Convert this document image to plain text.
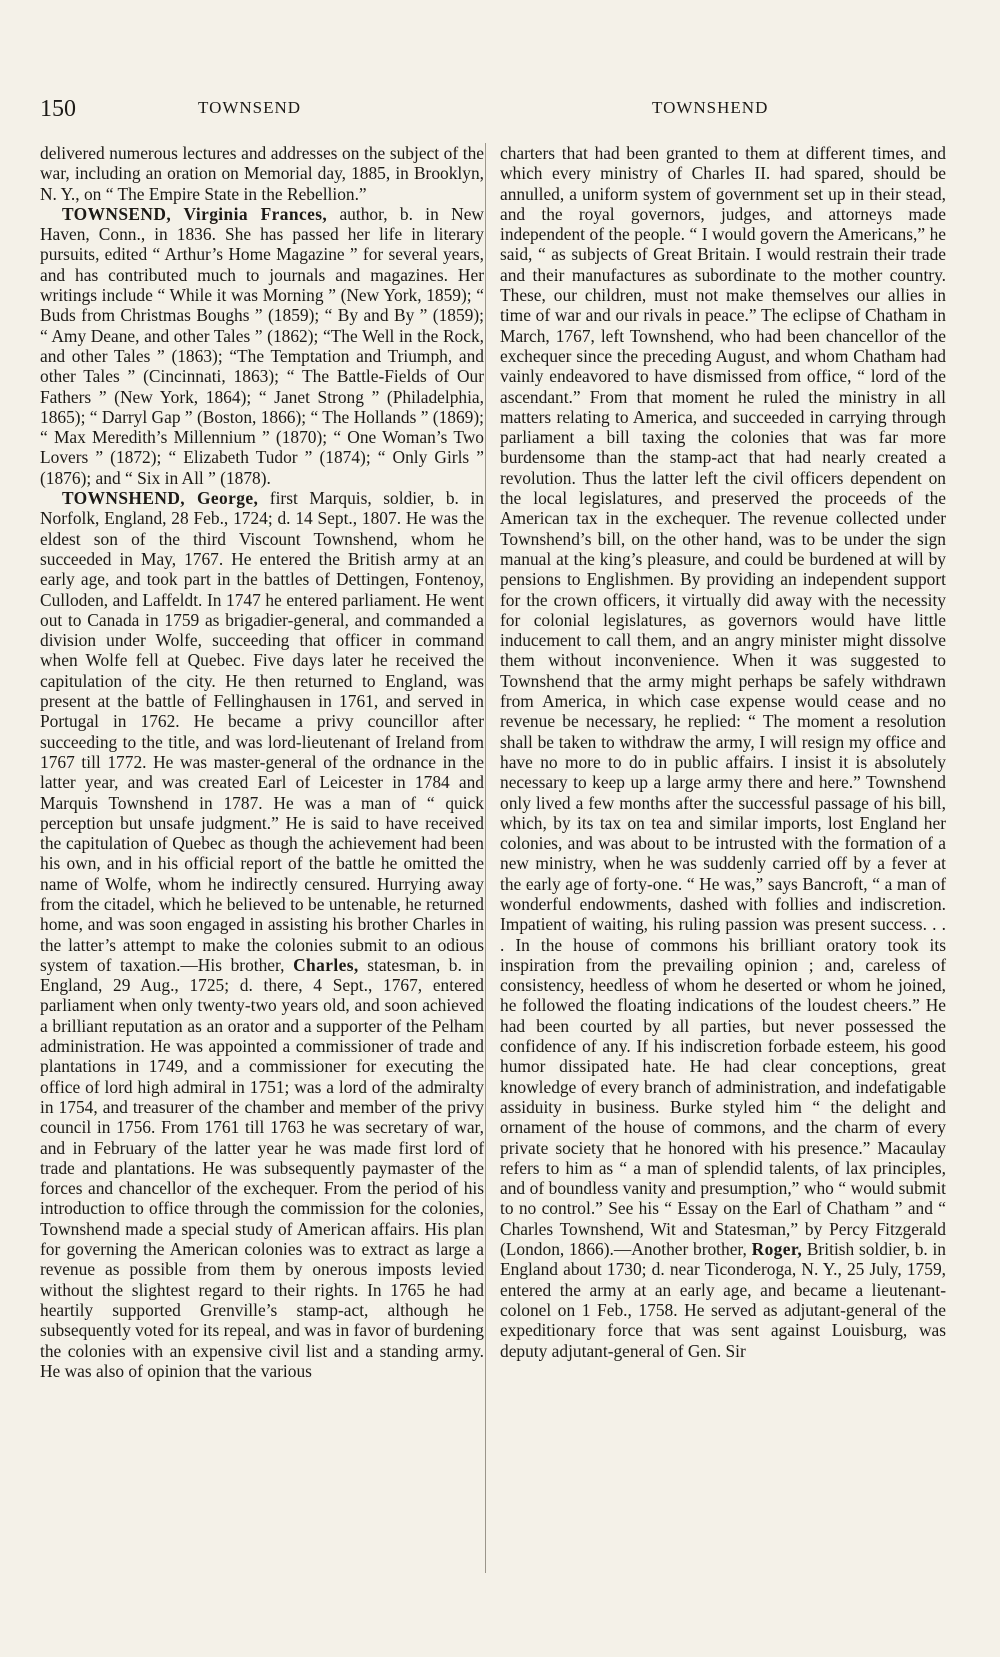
150	TOWNSEND	TOWNSHEND

delivered numerous lectures and addresses on the subject of the war, including an oration on Memorial day, 1885, in Brooklyn, N. Y., on “ The Empire State in the Rebellion.”

TOWNSEND, Virginia Frances, author, b. in New Haven, Conn., in 1836. She has passed her life in literary pursuits, edited “ Arthur’s Home Magazine ” for several years, and has contributed much to journals and magazines. Her writings include “ While it was Morning ” (New York, 1859); “ Buds from Christmas Boughs ” (1859); “ By and By ” (1859); “ Amy Deane, and other Tales ” (1862); “The Well in the Rock, and other Tales ” (1863); “The Temptation and Triumph, and other Tales ” (Cincinnati, 1863); “ The Battle-Fields of Our Fathers ” (New York, 1864); “ Janet Strong ” (Philadelphia, 1865); “ Darryl Gap ” (Boston, 1866); “ The Hollands ” (1869); “ Max Meredith’s Millennium ” (1870); “ One Woman’s Two Lovers ” (1872); “ Elizabeth Tudor ” (1874); “ Only Girls ” (1876); and “ Six in All ” (1878).

TOWNSHEND, George, first Marquis, soldier, b. in Norfolk, England, 28 Feb., 1724; d. 14 Sept., 1807. He was the eldest son of the third Viscount Townshend, whom he succeeded in May, 1767. He entered the British army at an early age, and took part in the battles of Dettingen, Fontenoy, Culloden, and Laffeldt. In 1747 he entered parliament. He went out to Canada in 1759 as brigadier-general, and commanded a division under Wolfe, succeeding that officer in command when Wolfe fell at Quebec. Five days later he received the capitulation of the city. He then returned to England, was present at the battle of Fellinghausen in 1761, and served in Portugal in 1762. He became a privy councillor after succeeding to the title, and was lord-lieutenant of Ireland from 1767 till 1772. He was master-general of the ordnance in the latter year, and was created Earl of Leicester in 1784 and Marquis Townshend in 1787. He was a man of “ quick perception but unsafe judgment.” He is said to have received the capitulation of Quebec as though the achievement had been his own, and in his official report of the battle he omitted the name of Wolfe, whom he indirectly censured. Hurrying away from the citadel, which he believed to be untenable, he returned home, and was soon engaged in assisting his brother Charles in the latter’s attempt to make the colonies submit to an odious system of taxation.—His brother, Charles, statesman, b. in England, 29 Aug., 1725; d. there, 4 Sept., 1767, entered parliament when only twenty-two years old, and soon achieved a brilliant reputation as an orator and a supporter of the Pelham administration. He was appointed a commissioner of trade and plantations in 1749, and a commissioner for executing the office of lord high admiral in 1751; was a lord of the admiralty in 1754, and treasurer of the chamber and member of the privy council in 1756. From 1761 till 1763 he was secretary of war, and in February of the latter year he was made first lord of trade and plantations. He was subsequently paymaster of the forces and chancellor of the exchequer. From the period of his introduction to office through the commission for the colonies, Townshend made a special study of American affairs. His plan for governing the American colonies was to extract as large a revenue as possible from them by onerous imposts levied without the slightest regard to their rights. In 1765 he had heartily supported Grenville’s stamp-act, although he subsequently voted for its repeal, and was in favor of burdening the colonies with an expensive civil list and a standing army. He was also of opinion that the various

charters that had been granted to them at different times, and which every ministry of Charles II. had spared, should be annulled, a uniform system of government set up in their stead, and the royal governors, judges, and attorneys made independent of the people. “ I would govern the Americans,” he said, “ as subjects of Great Britain. I would restrain their trade and their manufactures as subordinate to the mother country. These, our children, must not make themselves our allies in time of war and our rivals in peace.” The eclipse of Chatham in March, 1767, left Townshend, who had been chancellor of the exchequer since the preceding August, and whom Chatham had vainly endeavored to have dismissed from office, “ lord of the ascendant.” From that moment he ruled the ministry in all matters relating to America, and succeeded in carrying through parliament a bill taxing the colonies that was far more burdensome than the stamp-act that had nearly created a revolution. Thus the latter left the civil officers dependent on the local legislatures, and preserved the proceeds of the American tax in the exchequer. The revenue collected under Townshend’s bill, on the other hand, was to be under the sign manual at the king’s pleasure, and could be burdened at will by pensions to Englishmen. By providing an independent support for the crown officers, it virtually did away with the necessity for colonial legislatures, as governors would have little inducement to call them, and an angry minister might dissolve them without inconvenience. When it was suggested to Townshend that the army might perhaps be safely withdrawn from America, in which case expense would cease and no revenue be necessary, he replied: “ The moment a resolution shall be taken to withdraw the army, I will resign my office and have no more to do in public affairs. I insist it is absolutely necessary to keep up a large army there and here.” Townshend only lived a few months after the successful passage of his bill, which, by its tax on tea and similar imports, lost England her colonies, and was about to be intrusted with the formation of a new ministry, when he was suddenly carried off by a fever at the early age of forty-one. “ He was,” says Bancroft, “ a man of wonderful endowments, dashed with follies and indiscretion. Impatient of waiting, his ruling passion was present success. . . . In the house of commons his brilliant oratory took its inspiration from the prevailing opinion ; and, careless of consistency, heedless of whom he deserted or whom he joined, he followed the floating indications of the loudest cheers.” He had been courted by all parties, but never possessed the confidence of any. If his indiscretion forbade esteem, his good humor dissipated hate. He had clear conceptions, great knowledge of every branch of administration, and indefatigable assiduity in business. Burke styled him “ the delight and ornament of the house of commons, and the charm of every private society that he honored with his presence.” Macaulay refers to him as “ a man of splendid talents, of lax principles, and of boundless vanity and presumption,” who “ would submit to no control.” See his “ Essay on the Earl of Chatham ” and “ Charles Townshend, Wit and Statesman,” by Percy Fitzgerald (London, 1866).—Another brother, Roger, British soldier, b. in England about 1730; d. near Ticonderoga, N. Y., 25 July, 1759, entered the army at an early age, and became a lieutenant-colonel on 1 Feb., 1758. He served as adjutant-general of the expeditionary force that was sent against Louisburg, was deputy adjutant-general of Gen. Sir
